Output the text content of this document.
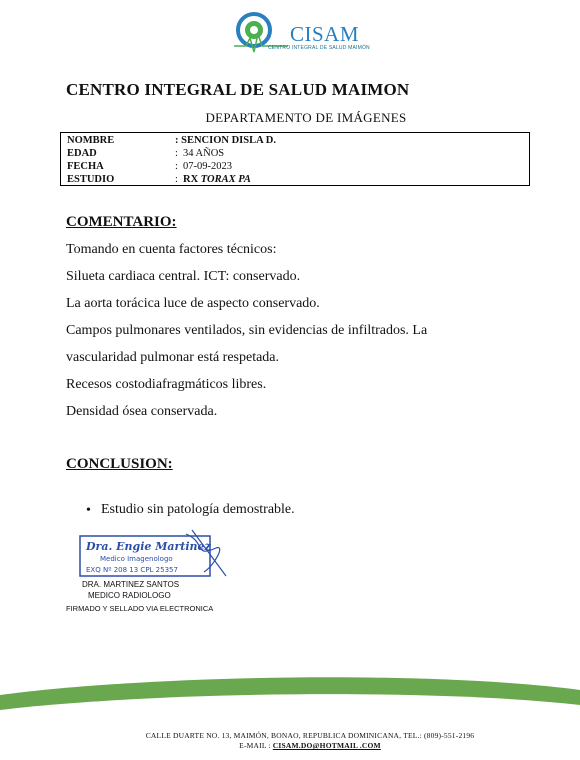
CISAM
CENTRO INTEGRAL DE SALUD MAIMÓN
CENTRO INTEGRAL DE SALUD MAIMON
DEPARTAMENTO DE IMÁGENES
NOMBRE	: SENCION DISLA D.
EDAD	: 34 AÑOS
FECHA	: 07-09-2023
ESTUDIO	: RX TORAX PA
COMENTARIO:
Tomando en cuenta factores técnicos:
Silueta cardiaca central. ICT: conservado.
La aorta torácica luce de aspecto conservado.
Campos pulmonares ventilados, sin evidencias de infiltrados. La
vascularidad pulmonar está respetada.
Recesos costodiafragmáticos libres.
Densidad ósea conservada.
CONCLUSION:
• Estudio sin patología demostrable.
Dra. Engie Martinez
Medico Imagenologo
EXQ Nº 208 13 CPL 25357
DRA. MARTINEZ SANTOS
MEDICO RADIOLOGO
FIRMADO Y SELLADO VIA ELECTRONICA
CALLE DUARTE NO. 13, MAIMÓN, BONAO, REPUBLICA DOMINICANA, TEL.: (809)-551-2196
E-MAIL : CISAM.DO@HOTMAIL .COM
